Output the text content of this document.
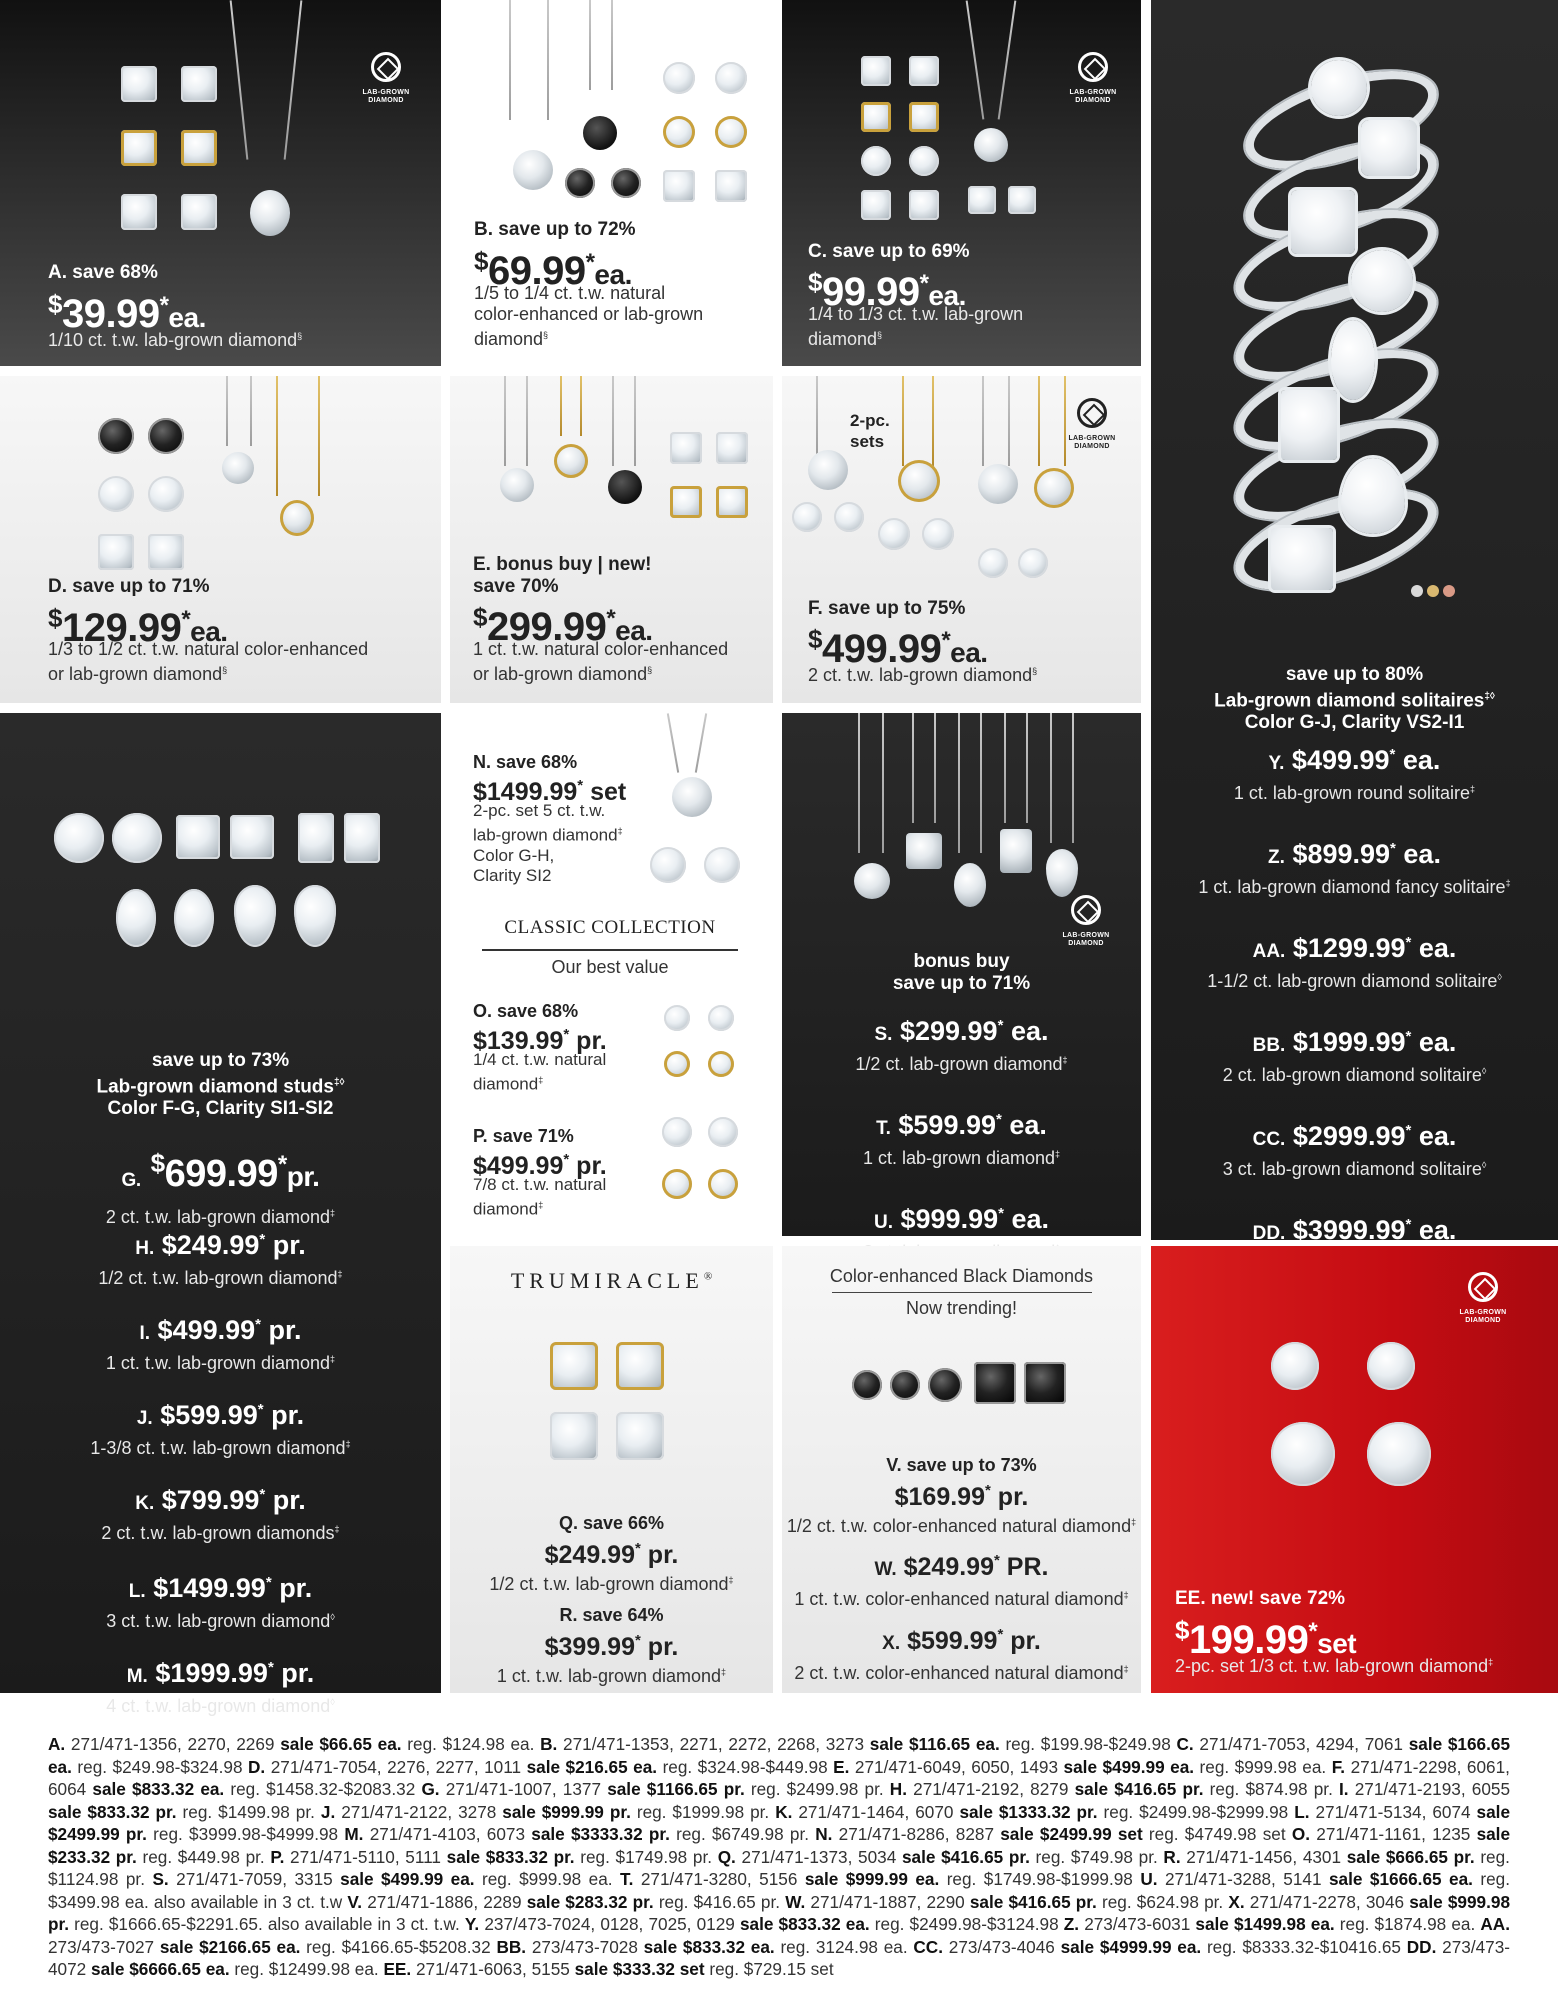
LAB-GROWN DIAMOND
A. save 68%
$39.99*ea.
1/10 ct. t.w. lab-grown diamond§
B. save up to 72%
$69.99*ea.
1/5 to 1/4 ct. t.w. natural
color-enhanced or lab-grown
diamond§
LAB-GROWN DIAMOND
C. save up to 69%
$99.99*ea.
1/4 to 1/3 ct. t.w. lab-grown
diamond§
save up to 80%
Lab-grown diamond solitaires‡◊
Color G-J, Clarity VS2-I1
Y. $499.99* ea.
1 ct. lab-grown round solitaire‡
Z. $899.99* ea.
1 ct. lab-grown diamond fancy solitaire‡
AA. $1299.99* ea.
1-1/2 ct. lab-grown diamond solitaire◊
BB. $1999.99* ea.
2 ct. lab-grown diamond solitaire◊
CC. $2999.99* ea.
3 ct. lab-grown diamond solitaire◊
DD. $3999.99* ea.
D. save up to 71%
$129.99*ea.
1/3 to 1/2 ct. t.w. natural color-enhanced
or lab-grown diamond§
E. bonus buy | new!
save 70%
$299.99*ea.
1 ct. t.w. natural color-enhanced
or lab-grown diamond§
LAB-GROWN DIAMOND
2-pc. sets
F. save up to 75%
$499.99*ea.
2 ct. t.w. lab-grown diamond§
save up to 73%
Lab-grown diamond studs‡◊
Color F-G, Clarity SI1-SI2
G. $699.99*pr.
2 ct. t.w. lab-grown diamond‡
H. $249.99* pr.
1/2 ct. t.w. lab-grown diamond‡
I. $499.99* pr.
1 ct. t.w. lab-grown diamond‡
J. $599.99* pr.
1-3/8 ct. t.w. lab-grown diamond‡
K. $799.99* pr.
2 ct. t.w. lab-grown diamonds‡
L. $1499.99* pr.
3 ct. t.w. lab-grown diamond◊
M. $1999.99* pr.
4 ct. t.w. lab-grown diamond◊
N. save 68%
$1499.99* set
2-pc. set 5 ct. t.w.
lab-grown diamond‡
Color G-H,
Clarity SI2
CLASSIC COLLECTION
Our best value
O. save 68%
$139.99* pr.
1/4 ct. t.w. natural
diamond‡
P. save 71%
$499.99* pr.
7/8 ct. t.w. natural
diamond‡
LAB-GROWN DIAMOND
bonus buy
save up to 71%
S. $299.99* ea.
1/2 ct. lab-grown diamond‡
T. $599.99* ea.
1 ct. lab-grown diamond‡
U. $999.99* ea.
TRUMIRACLE®
Q. save 66%
$249.99* pr.
1/2 ct. t.w. lab-grown diamond‡
R. save 64%
$399.99* pr.
1 ct. t.w. lab-grown diamond‡
Color-enhanced Black Diamonds
Now trending!
V. save up to 73%
$169.99* pr.
1/2 ct. t.w. color-enhanced natural diamond‡
W. $249.99* PR.
1 ct. t.w. color-enhanced natural diamond‡
X. $599.99* pr.
2 ct. t.w. color-enhanced natural diamond‡
LAB-GROWN DIAMOND
EE. new! save 72%
$199.99*set
2-pc. set 1/3 ct. t.w. lab-grown diamond‡
A. 271/471-1356, 2270, 2269 sale $66.65 ea. reg. $124.98 ea. B. 271/471-1353, 2271, 2272, 2268, 3273 sale $116.65 ea. reg. $199.98-$249.98 C. 271/471-7053, 4294, 7061 sale $166.65 ea. reg. $249.98-$324.98 D. 271/471-7054, 2276, 2277, 1011 sale $216.65 ea. reg. $324.98-$449.98 E. 271/471-6049, 6050, 1493 sale $499.99 ea. reg. $999.98 ea. F. 271/471-2298, 6061, 6064 sale $833.32 ea. reg. $1458.32-$2083.32 G. 271/471-1007, 1377 sale $1166.65 pr. reg. $2499.98 pr. H. 271/471-2192, 8279 sale $416.65 pr. reg. $874.98 pr. I. 271/471-2193, 6055 sale $833.32 pr. reg. $1499.98 pr. J. 271/471-2122, 3278 sale $999.99 pr. reg. $1999.98 pr. K. 271/471-1464, 6070 sale $1333.32 pr. reg. $2499.98-$2999.98 L. 271/471-5134, 6074 sale $2499.99 pr. reg. $3999.98-$4999.98 M. 271/471-4103, 6073 sale $3333.32 pr. reg. $6749.98 pr. N. 271/471-8286, 8287 sale $2499.99 set reg. $4749.98 set O. 271/471-1161, 1235 sale $233.32 pr. reg. $449.98 pr. P. 271/471-5110, 5111 sale $833.32 pr. reg. $1749.98 pr. Q. 271/471-1373, 5034 sale $416.65 pr. reg. $749.98 pr. R. 271/471-1456, 4301 sale $666.65 pr. reg. $1124.98 pr. S. 271/471-7059, 3315 sale $499.99 ea. reg. $999.98 ea. T. 271/471-3280, 5156 sale $999.99 ea. reg. $1749.98-$1999.98 U. 271/471-3288, 5141 sale $1666.65 ea. reg. $3499.98 ea. also available in 3 ct. t.w V. 271/471-1886, 2289 sale $283.32 pr. reg. $416.65 pr. W. 271/471-1887, 2290 sale $416.65 pr. reg. $624.98 pr. X. 271/471-2278, 3046 sale $999.98 pr. reg. $1666.65-$2291.65. also available in 3 ct. t.w. Y. 237/473-7024, 0128, 7025, 0129 sale $833.32 ea. reg. $2499.98-$3124.98 Z. 273/473-6031 sale $1499.98 ea. reg. $1874.98 ea. AA. 273/473-7027 sale $2166.65 ea. reg. $4166.65-$5208.32 BB. 273/473-7028 sale $833.32 ea. reg. 3124.98 ea. CC. 273/473-4046 sale $4999.99 ea. reg. $8333.32-$10416.65 DD. 273/473-4072 sale $6666.65 ea. reg. $12499.98 ea. EE. 271/471-6063, 5155 sale $333.32 set reg. $729.15 set
